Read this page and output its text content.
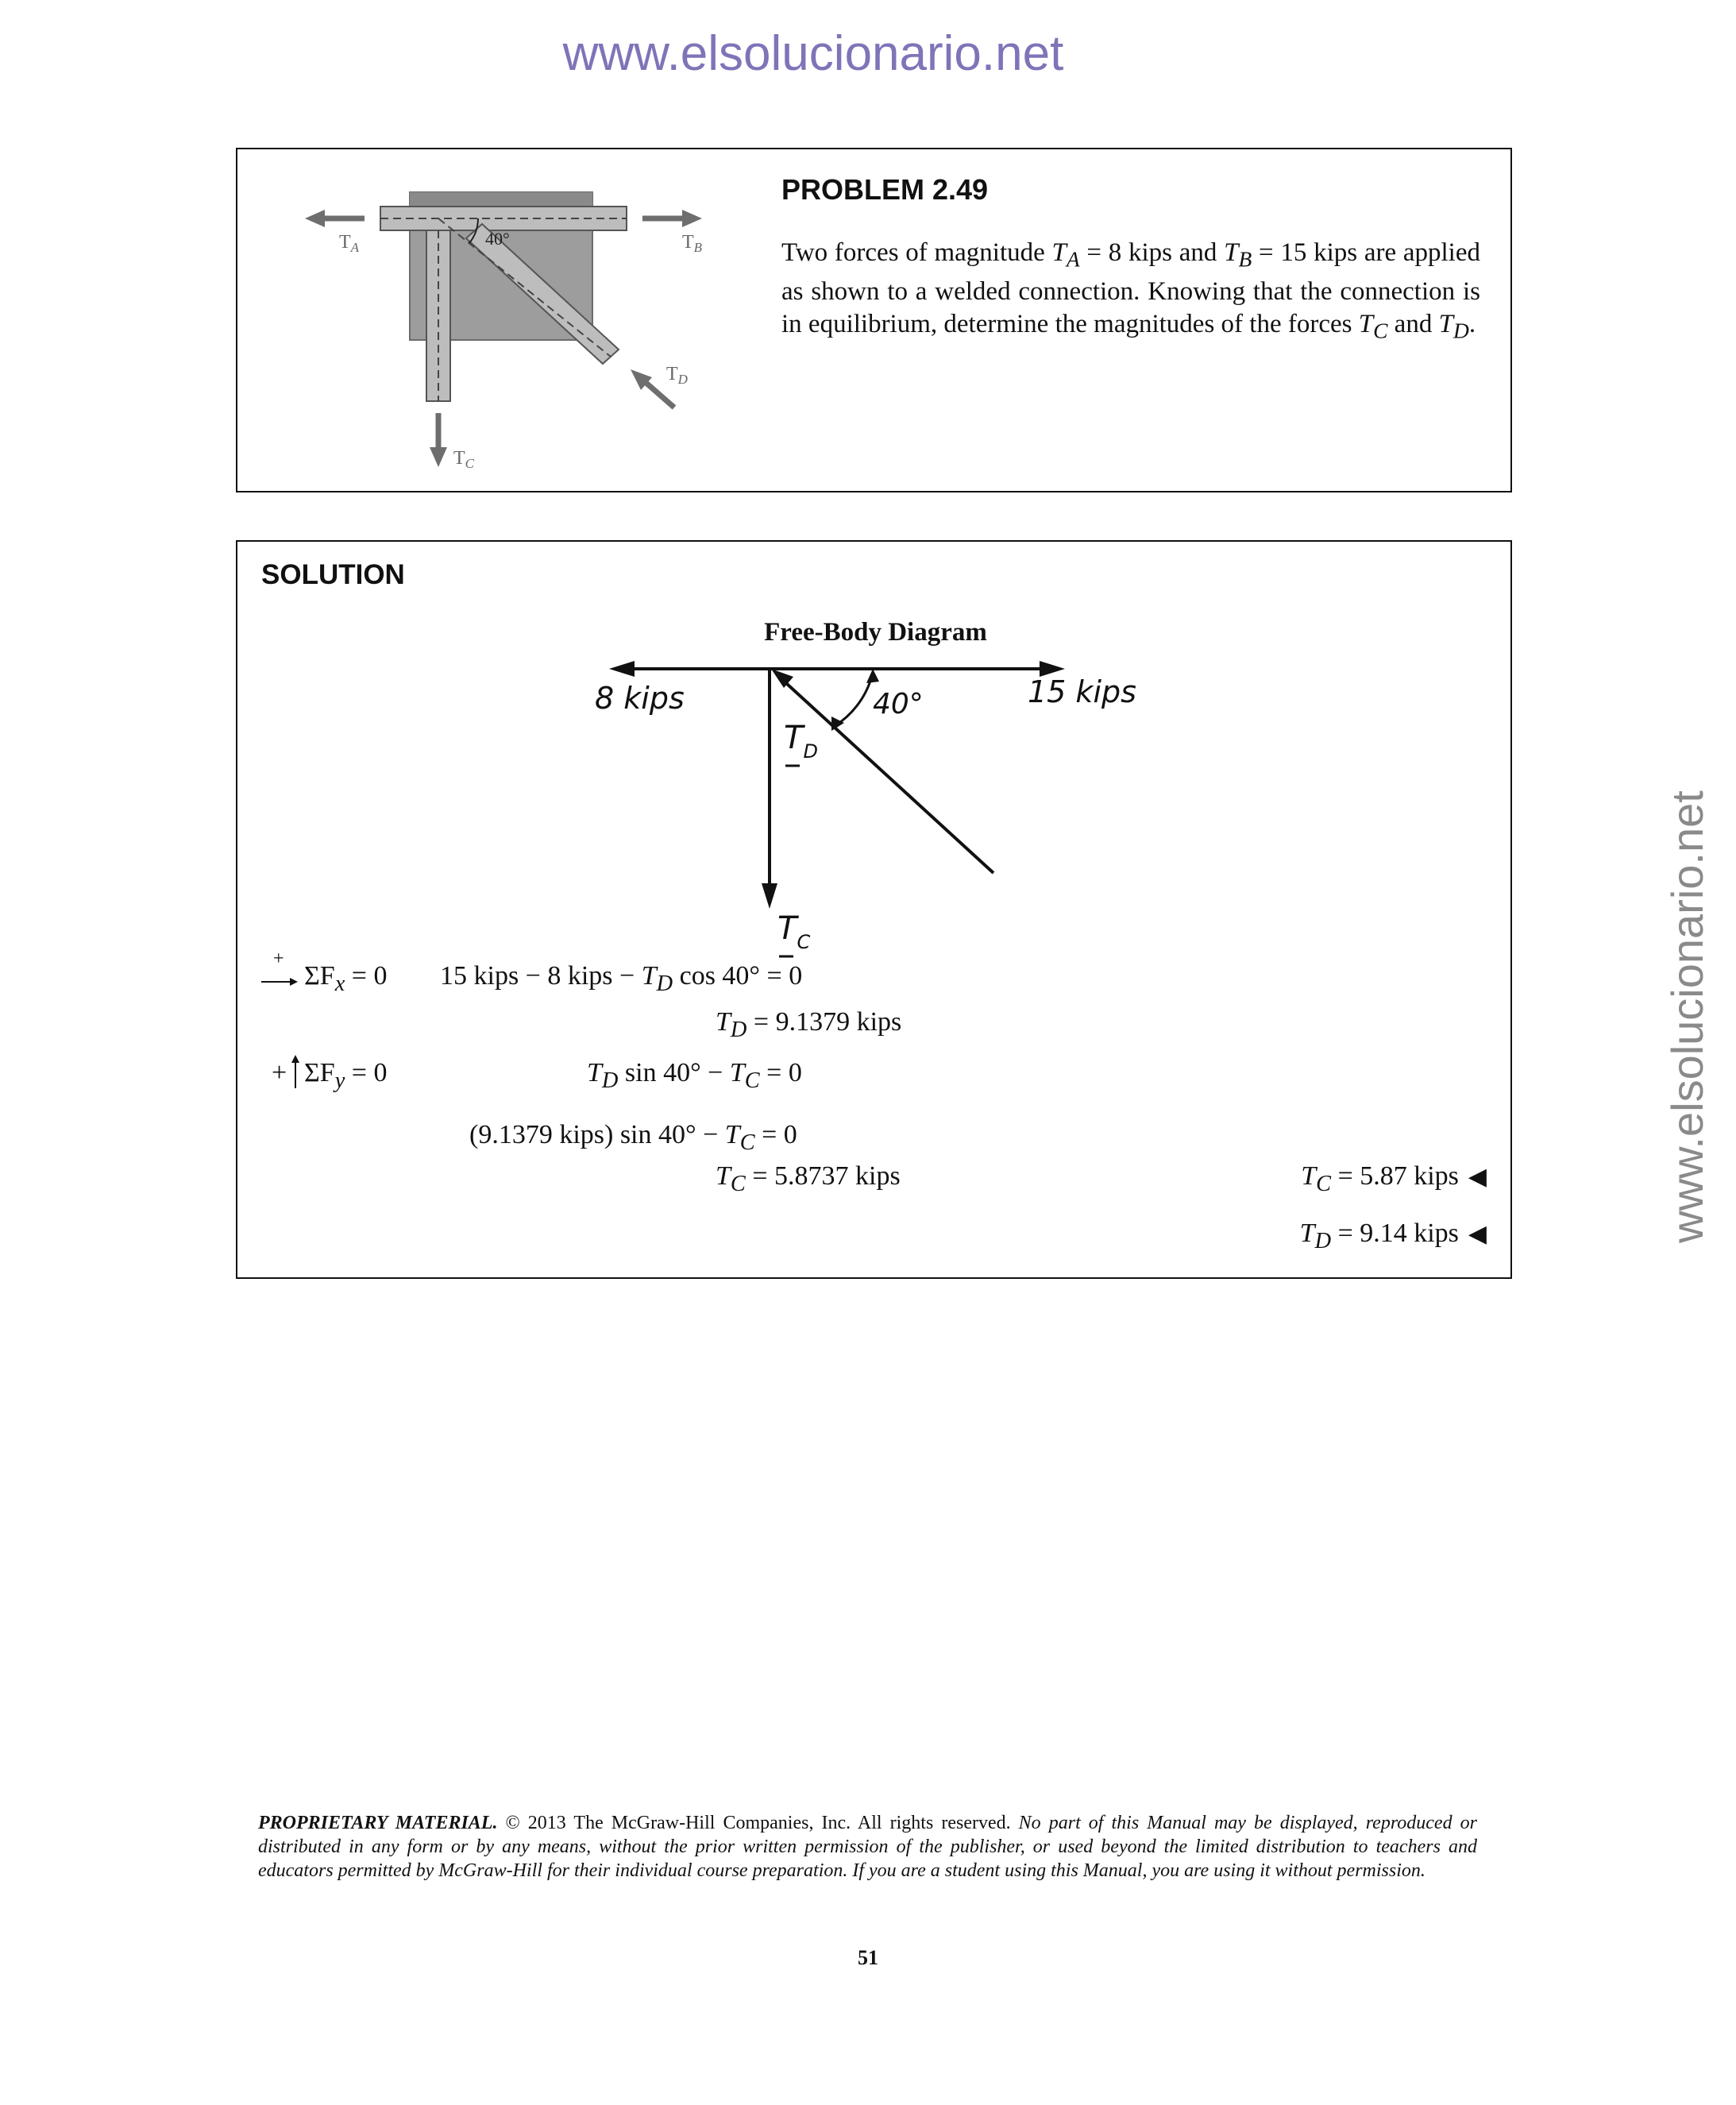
www.elsolucionario.net
www.elsolucionario.net
40°
$T_A$	$T_B$
$T_C$
$T_D$
PROBLEM 2.49
Two forces of magnitude $T_A = 8$ kips and $T_B = 15$ kips are applied as shown to a welded connection. Knowing that the connection is in equilibrium, determine the magnitudes of the forces $T_C$ and $T_D$.
SOLUTION
Free-Body Diagram
8 kips	15 kips
40°
$T_D$
$T_C$
+
$\Sigma F_x = 0$ 15 kips − 8 kips − $T_D$ cos 40° = 0
$T_D = 9.1379$ kips
+ $\Sigma F_y = 0$	$T_D$ $\sin 40^\circ - T_C = 0$
(9.1379 kips) $\sin 40^\circ - T_C = 0$
$T_C = 5.8737$ kips	$T_C = 5.87$ kips ◀
$T_D = 9.14$ kips ◀
PROPRIETARY MATERIAL. © 2013 The McGraw-Hill Companies, Inc. All rights reserved. No part of this Manual may be displayed, reproduced or distributed in any form or by any means, without the prior written permission of the publisher, or used beyond the limited distribution to teachers and educators permitted by McGraw-Hill for their individual course preparation. If you are a student using this Manual, you are using it without permission.
51
